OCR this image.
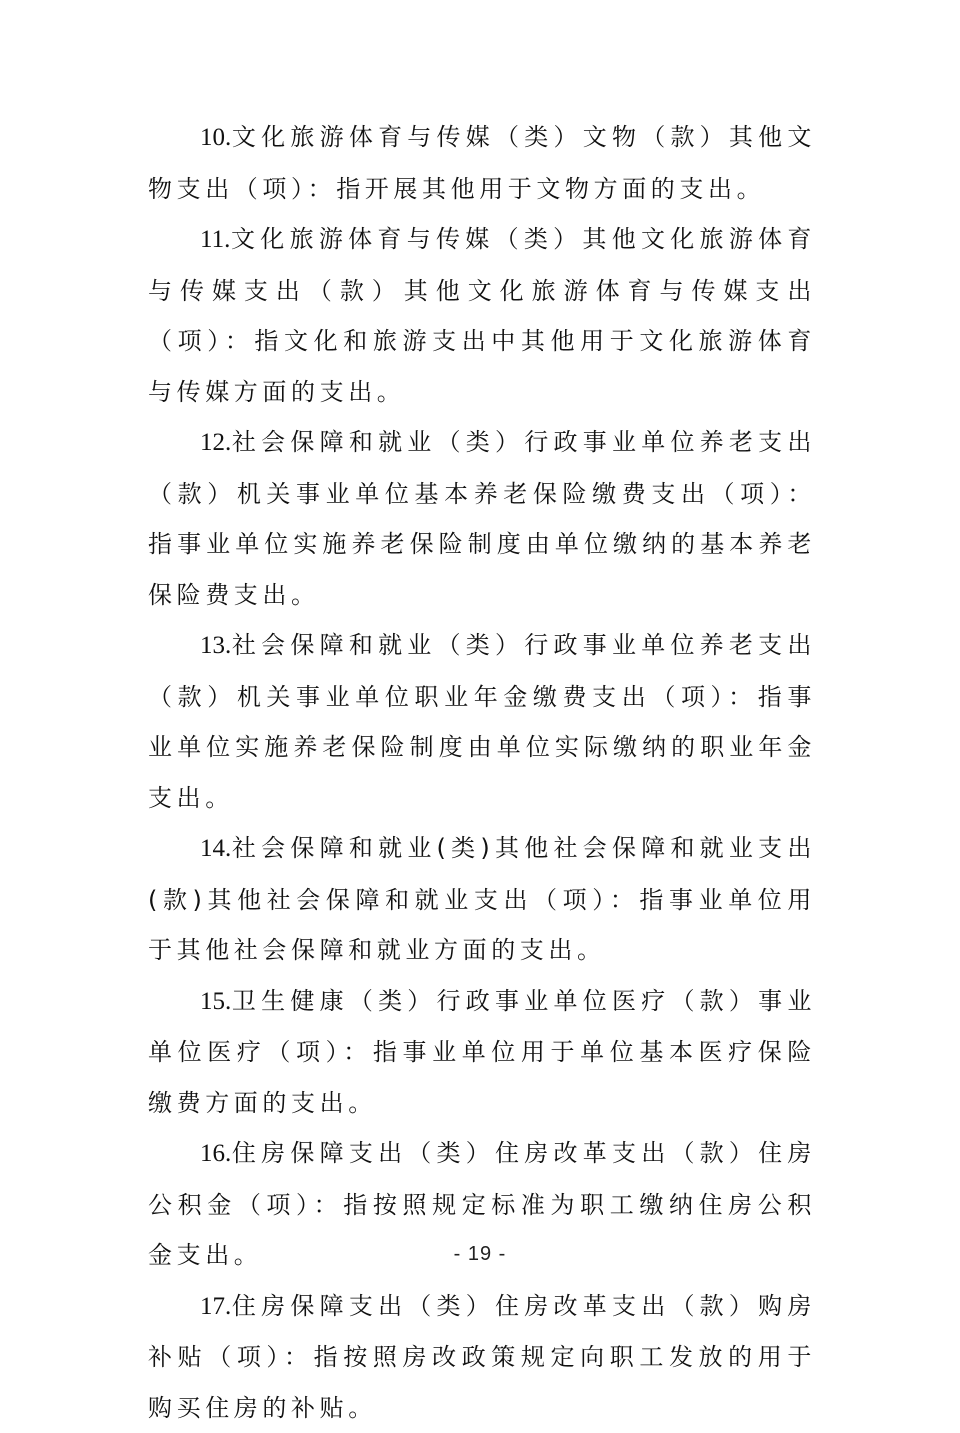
10.文化旅游体育与传媒（类）文物（款）其他文物支出（项）：指开展其他用于文物方面的支出。

11.文化旅游体育与传媒（类）其他文化旅游体育与传媒支出（款）其他文化旅游体育与传媒支出（项）：指文化和旅游支出中其他用于文化旅游体育与传媒方面的支出。

12.社会保障和就业（类）行政事业单位养老支出（款）机关事业单位基本养老保险缴费支出（项）：指事业单位实施养老保险制度由单位缴纳的基本养老保险费支出。

13.社会保障和就业（类）行政事业单位养老支出（款）机关事业单位职业年金缴费支出（项）：指事业单位实施养老保险制度由单位实际缴纳的职业年金支出。

14.社会保障和就业(类)其他社会保障和就业支出(款)其他社会保障和就业支出（项）：指事业单位用于其他社会保障和就业方面的支出。

15.卫生健康（类）行政事业单位医疗（款）事业单位医疗（项）：指事业单位用于单位基本医疗保险缴费方面的支出。

16.住房保障支出（类）住房改革支出（款）住房公积金（项）：指按照规定标准为职工缴纳住房公积金支出。

17.住房保障支出（类）住房改革支出（款）购房补贴（项）：指按照房改政策规定向职工发放的用于购买住房的补贴。

- 19 -
